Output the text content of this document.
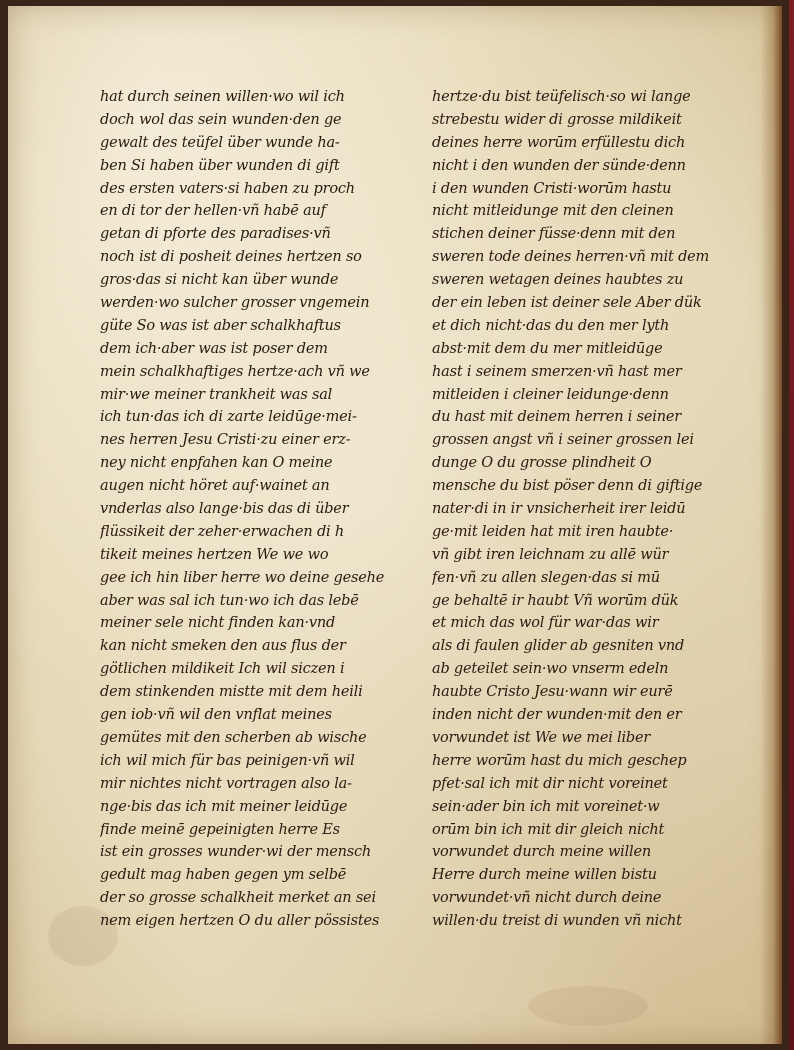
hat durch seinen willen·wo wil ich
doch wol das sein wunden·den ge
gewalt des teüfel über wunde ha-
ben Si haben über wunden di gift
des ersten vaters·si haben zu proch
en di tor der hellen·vñ habē auf
getan di pforte des paradises·vñ
noch ist di posheit deines hertzen so
gros·das si nicht kan über wunde
werden·wo sulcher grosser vngemein
güte So was ist aber schalkhaftus
dem ich·aber was ist poser dem
mein schalkhaftiges hertze·ach vñ we
mir·we meiner trankheit was sal
ich tun·das ich di zarte leidūge·mei-
nes herren Jesu Cristi·zu einer erz-
ney nicht enpfahen kan O meine
augen nicht höret auf·wainet an
vnderlas also lange·bis das di über
flüssikeit der zeher·erwachen di h
tikeit meines hertzen We we wo
gee ich hin liber herre wo deine gesehe
aber was sal ich tun·wo ich das lebē
meiner sele nicht finden kan·vnd
kan nicht smeken den aus flus der
götlichen mildikeit Ich wil siczen i
dem stinkenden mistte mit dem heili
gen iob·vñ wil den vnflat meines
gemütes mit den scherben ab wische
ich wil mich für bas peinigen·vñ wil
mir nichtes nicht vortragen also la-
nge·bis das ich mit meiner leidūge
finde meinē gepeinigten herre Es
ist ein grosses wunder·wi der mensch
gedult mag haben gegen ym selbē
der so grosse schalkheit merket an sei
nem eigen hertzen O du aller pössistes
hertze·du bist teüfelisch·so wi lange
strebestu wider di grosse mildikeit
deines herre worūm erfüllestu dich
nicht i den wunden der sünde·denn
i den wunden Cristi·worūm hastu
nicht mitleidunge mit den cleinen
stichen deiner füsse·denn mit den
sweren tode deines herren·vñ mit dem
sweren wetagen deines haubtes zu
der ein leben ist deiner sele Aber dük
et dich nicht·das du den mer lyth
abst·mit dem du mer mitleidūge
hast i seinem smerzen·vñ hast mer
mitleiden i cleiner leidunge·denn
du hast mit deinem herren i seiner
grossen angst vñ i seiner grossen lei
dunge O du grosse plindheit O
mensche du bist pöser denn di giftige
nater·di in ir vnsicherheit irer leidū
ge·mit leiden hat mit iren haubte·
vñ gibt iren leichnam zu allē wür
fen·vñ zu allen slegen·das si mū
ge behaltē ir haubt Vñ worūm dük
et mich das wol für war·das wir
als di faulen glider ab gesniten vnd
ab geteilet sein·wo vnserm edeln
haubte Cristo Jesu·wann wir eurē
inden nicht der wunden·mit den er
vorwundet ist We we mei liber
herre worūm hast du mich geschep
pfet·sal ich mit dir nicht voreinet
sein·ader bin ich mit voreinet·w
orūm bin ich mit dir gleich nicht
vorwundet durch meine willen
Herre durch meine willen bistu
vorwundet·vñ nicht durch deine
willen·du treist di wunden vñ nicht
